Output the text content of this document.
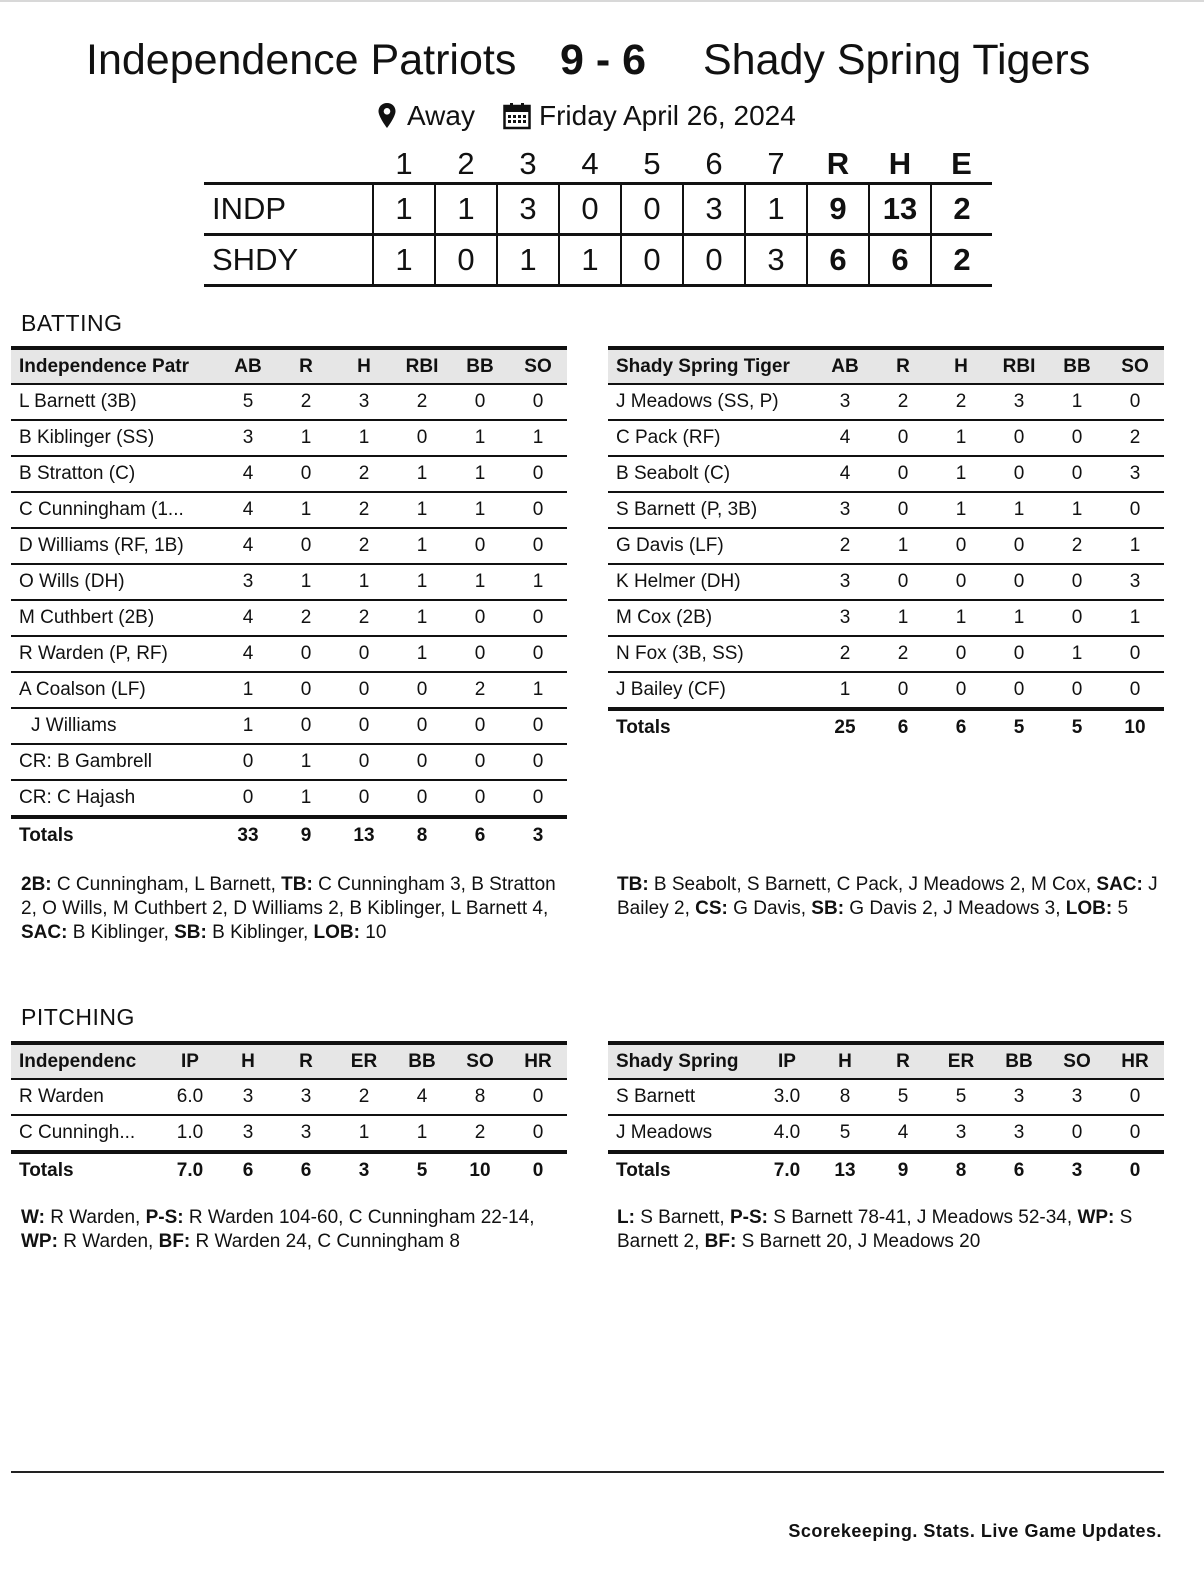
Independence Patriots 9 - 6 Shady Spring Tigers
Away Friday April 26, 2024
	1	2	3	4	5	6	7	R	H	E
INDP	1	1	3	0	0	3	1	9	13	2
SHDY	1	0	1	1	0	0	3	6	6	2
BATTING
Independence Patr	AB	R	H	RBI	BB	SO
L Barnett (3B)	5	2	3	2	0	0
B Kiblinger (SS)	3	1	1	0	1	1
B Stratton (C)	4	0	2	1	1	0
C Cunningham (1...	4	1	2	1	1	0
D Williams (RF, 1B)	4	0	2	1	0	0
O Wills (DH)	3	1	1	1	1	1
M Cuthbert (2B)	4	2	2	1	0	0
R Warden (P, RF)	4	0	0	1	0	0
A Coalson (LF)	1	0	0	0	2	1
J Williams	1	0	0	0	0	0
CR: B Gambrell	0	1	0	0	0	0
CR: C Hajash	0	1	0	0	0	0
Totals	33	9	13	8	6	3
Shady Spring Tiger	AB	R	H	RBI	BB	SO
J Meadows (SS, P)	3	2	2	3	1	0
C Pack (RF)	4	0	1	0	0	2
B Seabolt (C)	4	0	1	0	0	3
S Barnett (P, 3B)	3	0	1	1	1	0
G Davis (LF)	2	1	0	0	2	1
K Helmer (DH)	3	0	0	0	0	3
M Cox (2B)	3	1	1	1	0	1
N Fox (3B, SS)	2	2	0	0	1	0
J Bailey (CF)	1	0	0	0	0	0
Totals	25	6	6	5	5	10
2B: C Cunningham, L Barnett, TB: C Cunningham 3, B Stratton 2, O Wills, M Cuthbert 2, D Williams 2, B Kiblinger, L Barnett 4, SAC: B Kiblinger, SB: B Kiblinger, LOB: 10
TB: B Seabolt, S Barnett, C Pack, J Meadows 2, M Cox, SAC: J Bailey 2, CS: G Davis, SB: G Davis 2, J Meadows 3, LOB: 5
PITCHING
Independenc	IP	H	R	ER	BB	SO	HR
R Warden	6.0	3	3	2	4	8	0
C Cunningh...	1.0	3	3	1	1	2	0
Totals	7.0	6	6	3	5	10	0
Shady Spring	IP	H	R	ER	BB	SO	HR
S Barnett	3.0	8	5	5	3	3	0
J Meadows	4.0	5	4	3	3	0	0
Totals	7.0	13	9	8	6	3	0
W: R Warden, P-S: R Warden 104-60, C Cunningham 22-14, WP: R Warden, BF: R Warden 24, C Cunningham 8
L: S Barnett, P-S: S Barnett 78-41, J Meadows 52-34, WP: S Barnett 2, BF: S Barnett 20, J Meadows 20
Scorekeeping. Stats. Live Game Updates.
